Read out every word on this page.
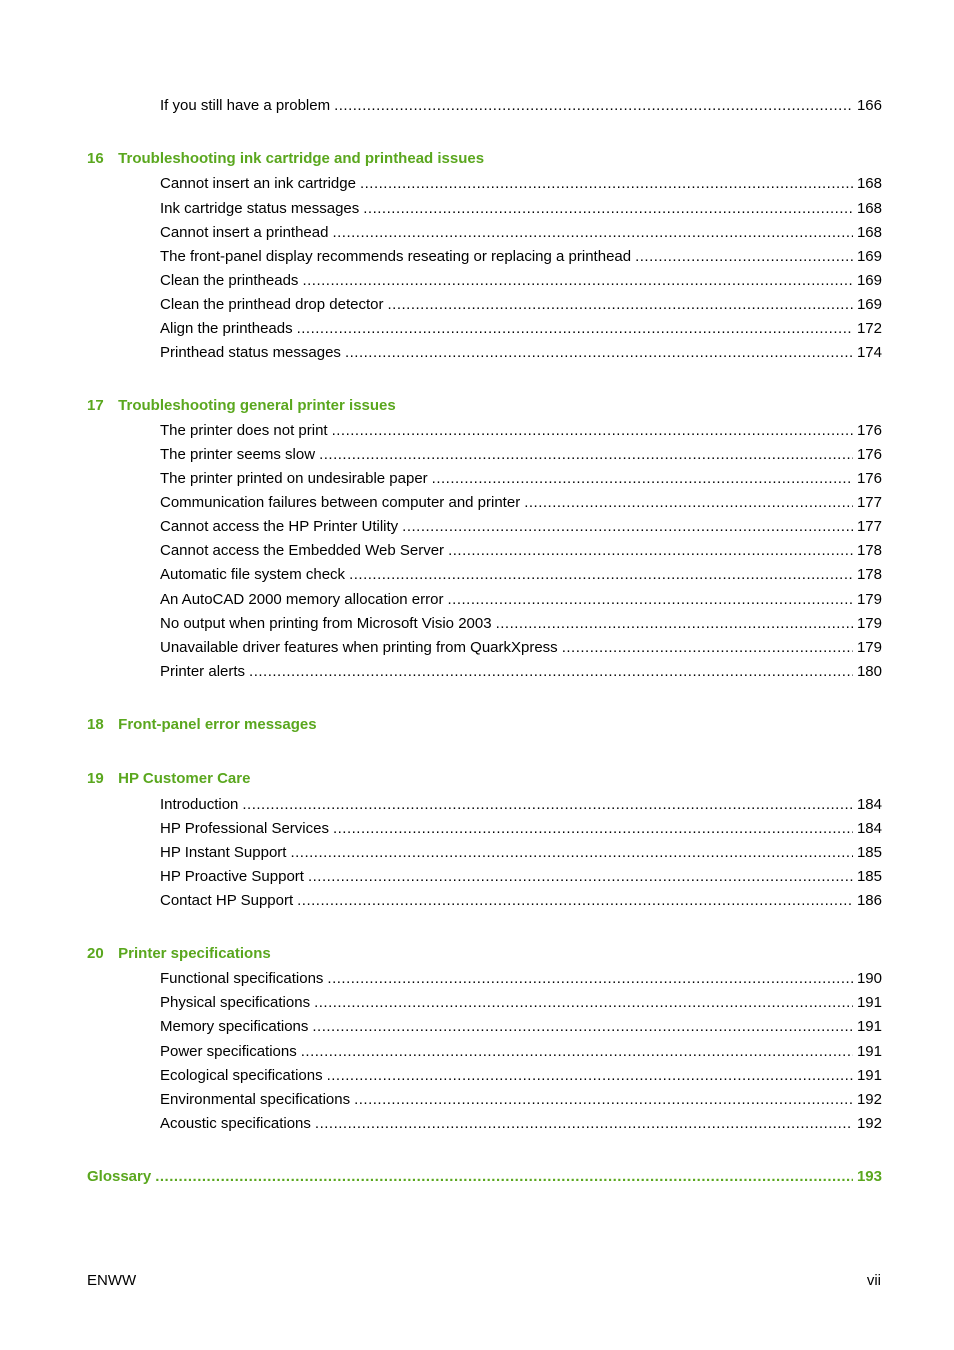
If you still have a problem .....	166
16 Troubleshooting ink cartridge and printhead issues
Cannot insert an ink cartridge .....	168
Ink cartridge status messages .....	168
Cannot insert a printhead .....	168
The front-panel display recommends reseating or replacing a printhead .....	169
Clean the printheads .....	169
Clean the printhead drop detector .....	169
Align the printheads .....	172
Printhead status messages .....	174
17 Troubleshooting general printer issues
The printer does not print .....	176
The printer seems slow .....	176
The printer printed on undesirable paper .....	176
Communication failures between computer and printer .....	177
Cannot access the HP Printer Utility .....	177
Cannot access the Embedded Web Server .....	178
Automatic file system check .....	178
An AutoCAD 2000 memory allocation error .....	179
No output when printing from Microsoft Visio 2003 .....	179
Unavailable driver features when printing from QuarkXpress .....	179
Printer alerts .....	180
18 Front-panel error messages
19 HP Customer Care
Introduction .....	184
HP Professional Services .....	184
HP Instant Support .....	185
HP Proactive Support .....	185
Contact HP Support .....	186
20 Printer specifications
Functional specifications .....	190
Physical specifications .....	191
Memory specifications .....	191
Power specifications .....	191
Ecological specifications .....	191
Environmental specifications .....	192
Acoustic specifications .....	192
Glossary .....	193
ENWW	vii
